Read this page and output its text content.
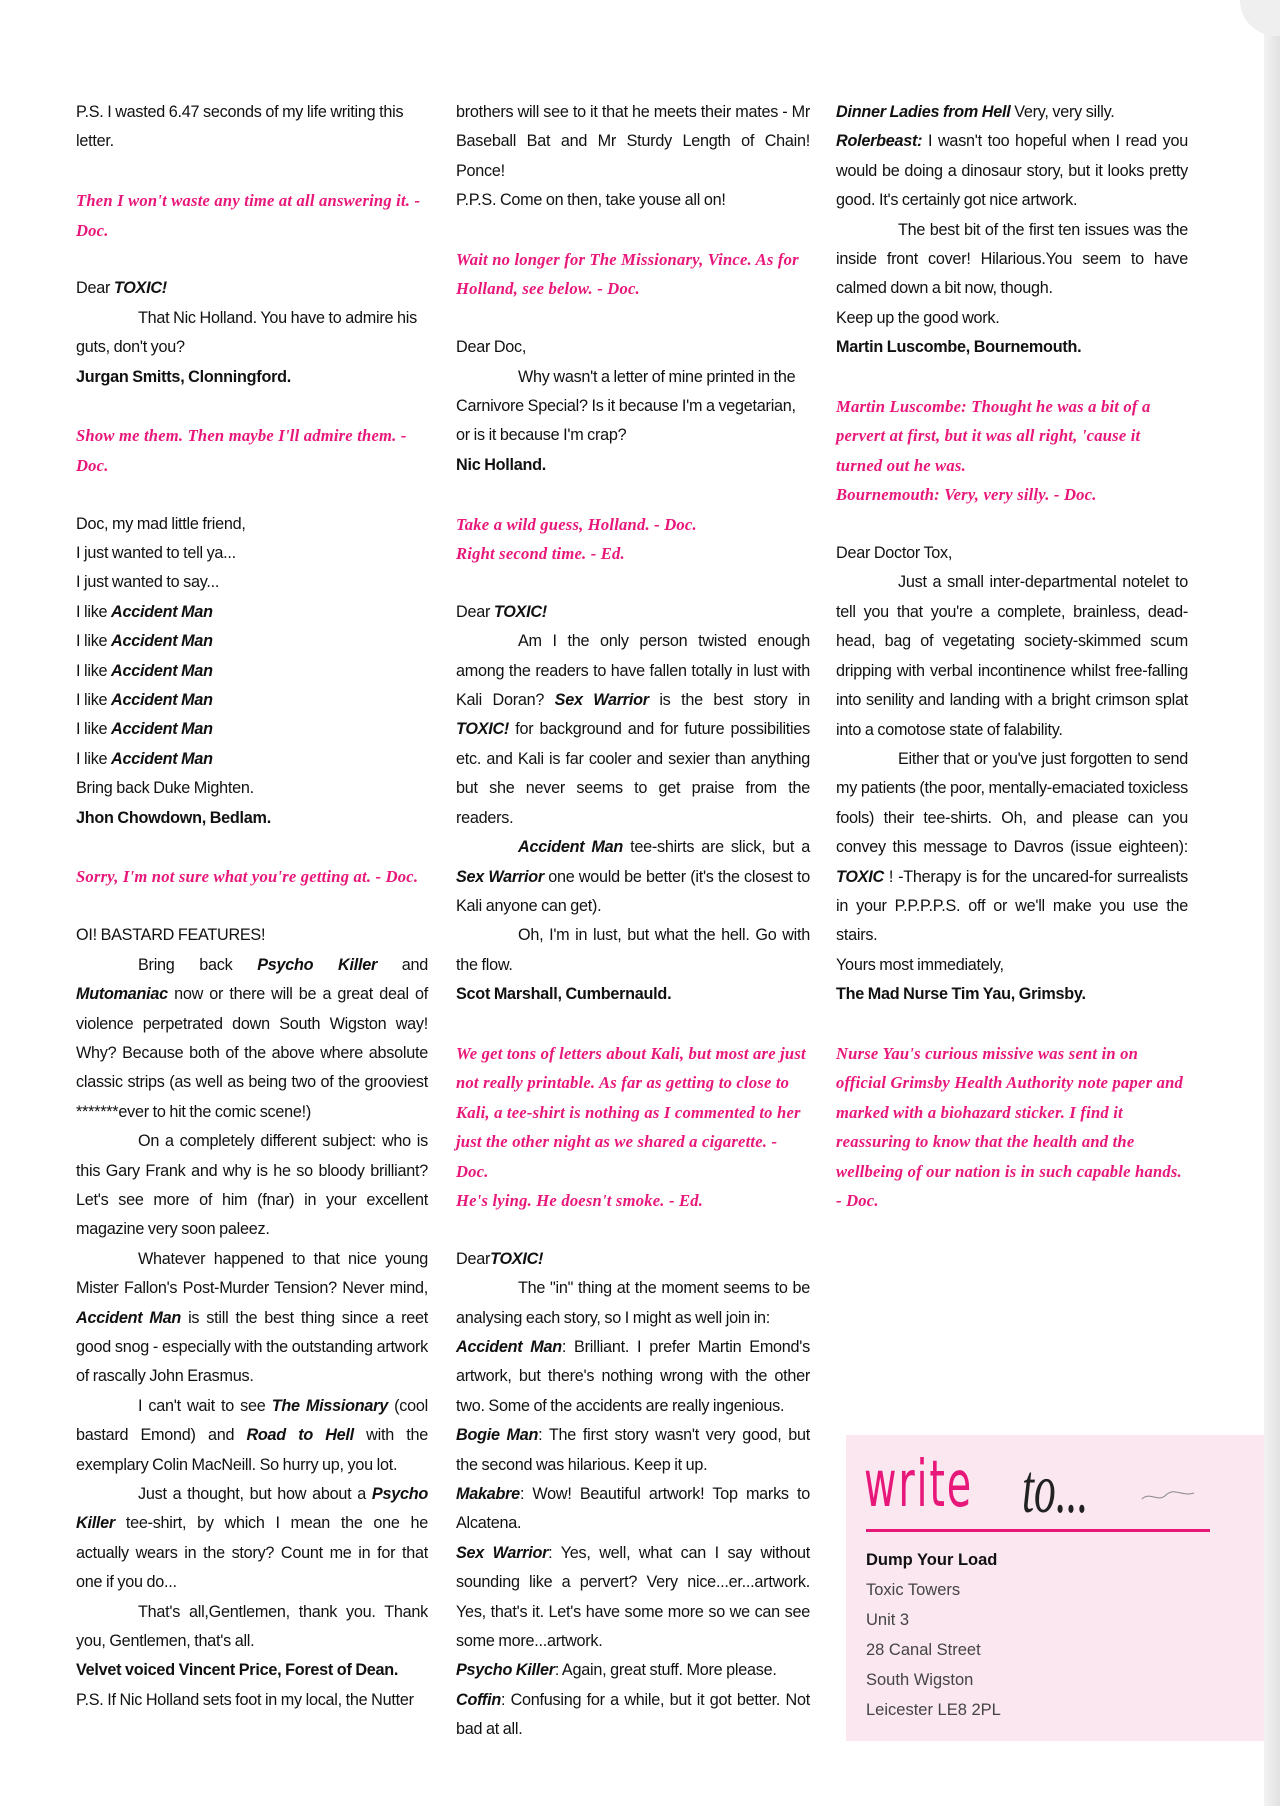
P.S. I wasted 6.47 seconds of my life writing this letter.

Then I won't waste any time at all answering it. - Doc.

Dear TOXIC!

That Nic Holland. You have to admire his guts, don't you?

Jurgan Smitts, Clonningford.

Show me them. Then maybe I'll admire them. - Doc.

Doc, my mad little friend,

I just wanted to tell ya...

I just wanted to say...

I like Accident Man

I like Accident Man

I like Accident Man

I like Accident Man

I like Accident Man

I like Accident Man

Bring back Duke Mighten.

Jhon Chowdown, Bedlam.

Sorry, I'm not sure what you're getting at. - Doc.

OI! BASTARD FEATURES!

Bring back Psycho Killer and Mutomaniac now or there will be a great deal of violence perpetrated down South Wigston way! Why? Because both of the above where absolute classic strips (as well as being two of the grooviest *******ever to hit the comic scene!)

On a completely different subject: who is this Gary Frank and why is he so bloody brilliant? Let's see more of him (fnar) in your excellent magazine very soon paleez.

Whatever happened to that nice young Mister Fallon's Post-Murder Tension? Never mind, Accident Man is still the best thing since a reet good snog - especially with the outstanding artwork of rascally John Erasmus.

I can't wait to see The Missionary (cool bastard Emond) and Road to Hell with the exemplary Colin MacNeill. So hurry up, you lot.

Just a thought, but how about a Psycho Killer tee-shirt, by which I mean the one he actually wears in the story? Count me in for that one if you do...

That's all,Gentlemen, thank you. Thank you, Gentlemen, that's all.

Velvet voiced Vincent Price, Forest of Dean.

P.S. If Nic Holland sets foot in my local, the Nutter

brothers will see to it that he meets their mates - Mr Baseball Bat and Mr Sturdy Length of Chain! Ponce!

P.P.S. Come on then, take youse all on!

Wait no longer for The Missionary, Vince. As for Holland, see below. - Doc.

Dear Doc,

Why wasn't a letter of mine printed in the Carnivore Special? Is it because I'm a vegetarian, or is it because I'm crap?

Nic Holland.

Take a wild guess, Holland. - Doc.

Right second time. - Ed.

Dear TOXIC!

Am I the only person twisted enough among the readers to have fallen totally in lust with Kali Doran? Sex Warrior is the best story in TOXIC! for background and for future possibilities etc. and Kali is far cooler and sexier than anything but she never seems to get praise from the readers.

Accident Man tee-shirts are slick, but a Sex Warrior one would be better (it's the closest to Kali anyone can get).

Oh, I'm in lust, but what the hell. Go with the flow.

Scot Marshall, Cumbernauld.

We get tons of letters about Kali, but most are just not really printable. As far as getting to close to Kali, a tee-shirt is nothing as I commented to her just the other night as we shared a cigarette. - Doc.

He's lying. He doesn't smoke. - Ed.

DearTOXIC!

The "in" thing at the moment seems to be analysing each story, so I might as well join in:

Accident Man: Brilliant. I prefer Martin Emond's artwork, but there's nothing wrong with the other two. Some of the accidents are really ingenious.

Bogie Man: The first story wasn't very good, but the second was hilarious. Keep it up.

Makabre: Wow! Beautiful artwork! Top marks to Alcatena.

Sex Warrior: Yes, well, what can I say without sounding like a pervert? Very nice...er...artwork. Yes, that's it. Let's have some more so we can see some more...artwork.

Psycho Killer: Again, great stuff. More please.

Coffin: Confusing for a while, but it got better. Not bad at all.

Dinner Ladies from Hell Very, very silly.

Rolerbeast: I wasn't too hopeful when I read you would be doing a dinosaur story, but it looks pretty good. It's certainly got nice artwork.

The best bit of the first ten issues was the inside front cover! Hilarious.You seem to have calmed down a bit now, though.

Keep up the good work.

Martin Luscombe, Bournemouth.

Martin Luscombe: Thought he was a bit of a pervert at first, but it was all right, 'cause it turned out he was.

Bournemouth: Very, very silly. - Doc.

Dear Doctor Tox,

Just a small inter-departmental notelet to tell you that you're a complete, brainless, dead-head, bag of vegetating society-skimmed scum dripping with verbal incontinence whilst free-falling into senility and landing with a bright crimson splat into a comotose state of falability.

Either that or you've just forgotten to send my patients (the poor, mentally-emaciated toxicless fools) their tee-shirts. Oh, and please can you convey this message to Davros (issue eighteen): TOXIC ! -Therapy is for the uncared-for surrealists in your P.P.P.P.S. off or we'll make you use the stairs.

Yours most immediately,

The Mad Nurse Tim Yau, Grimsby.

Nurse Yau's curious missive was sent in on official Grimsby Health Authority note paper and marked with a biohazard sticker. I find it reassuring to know that the health and the wellbeing of our nation is in such capable hands. - Doc.

write to...

Dump Your Load

Toxic Towers

Unit 3

28 Canal Street

South Wigston

Leicester LE8 2PL
